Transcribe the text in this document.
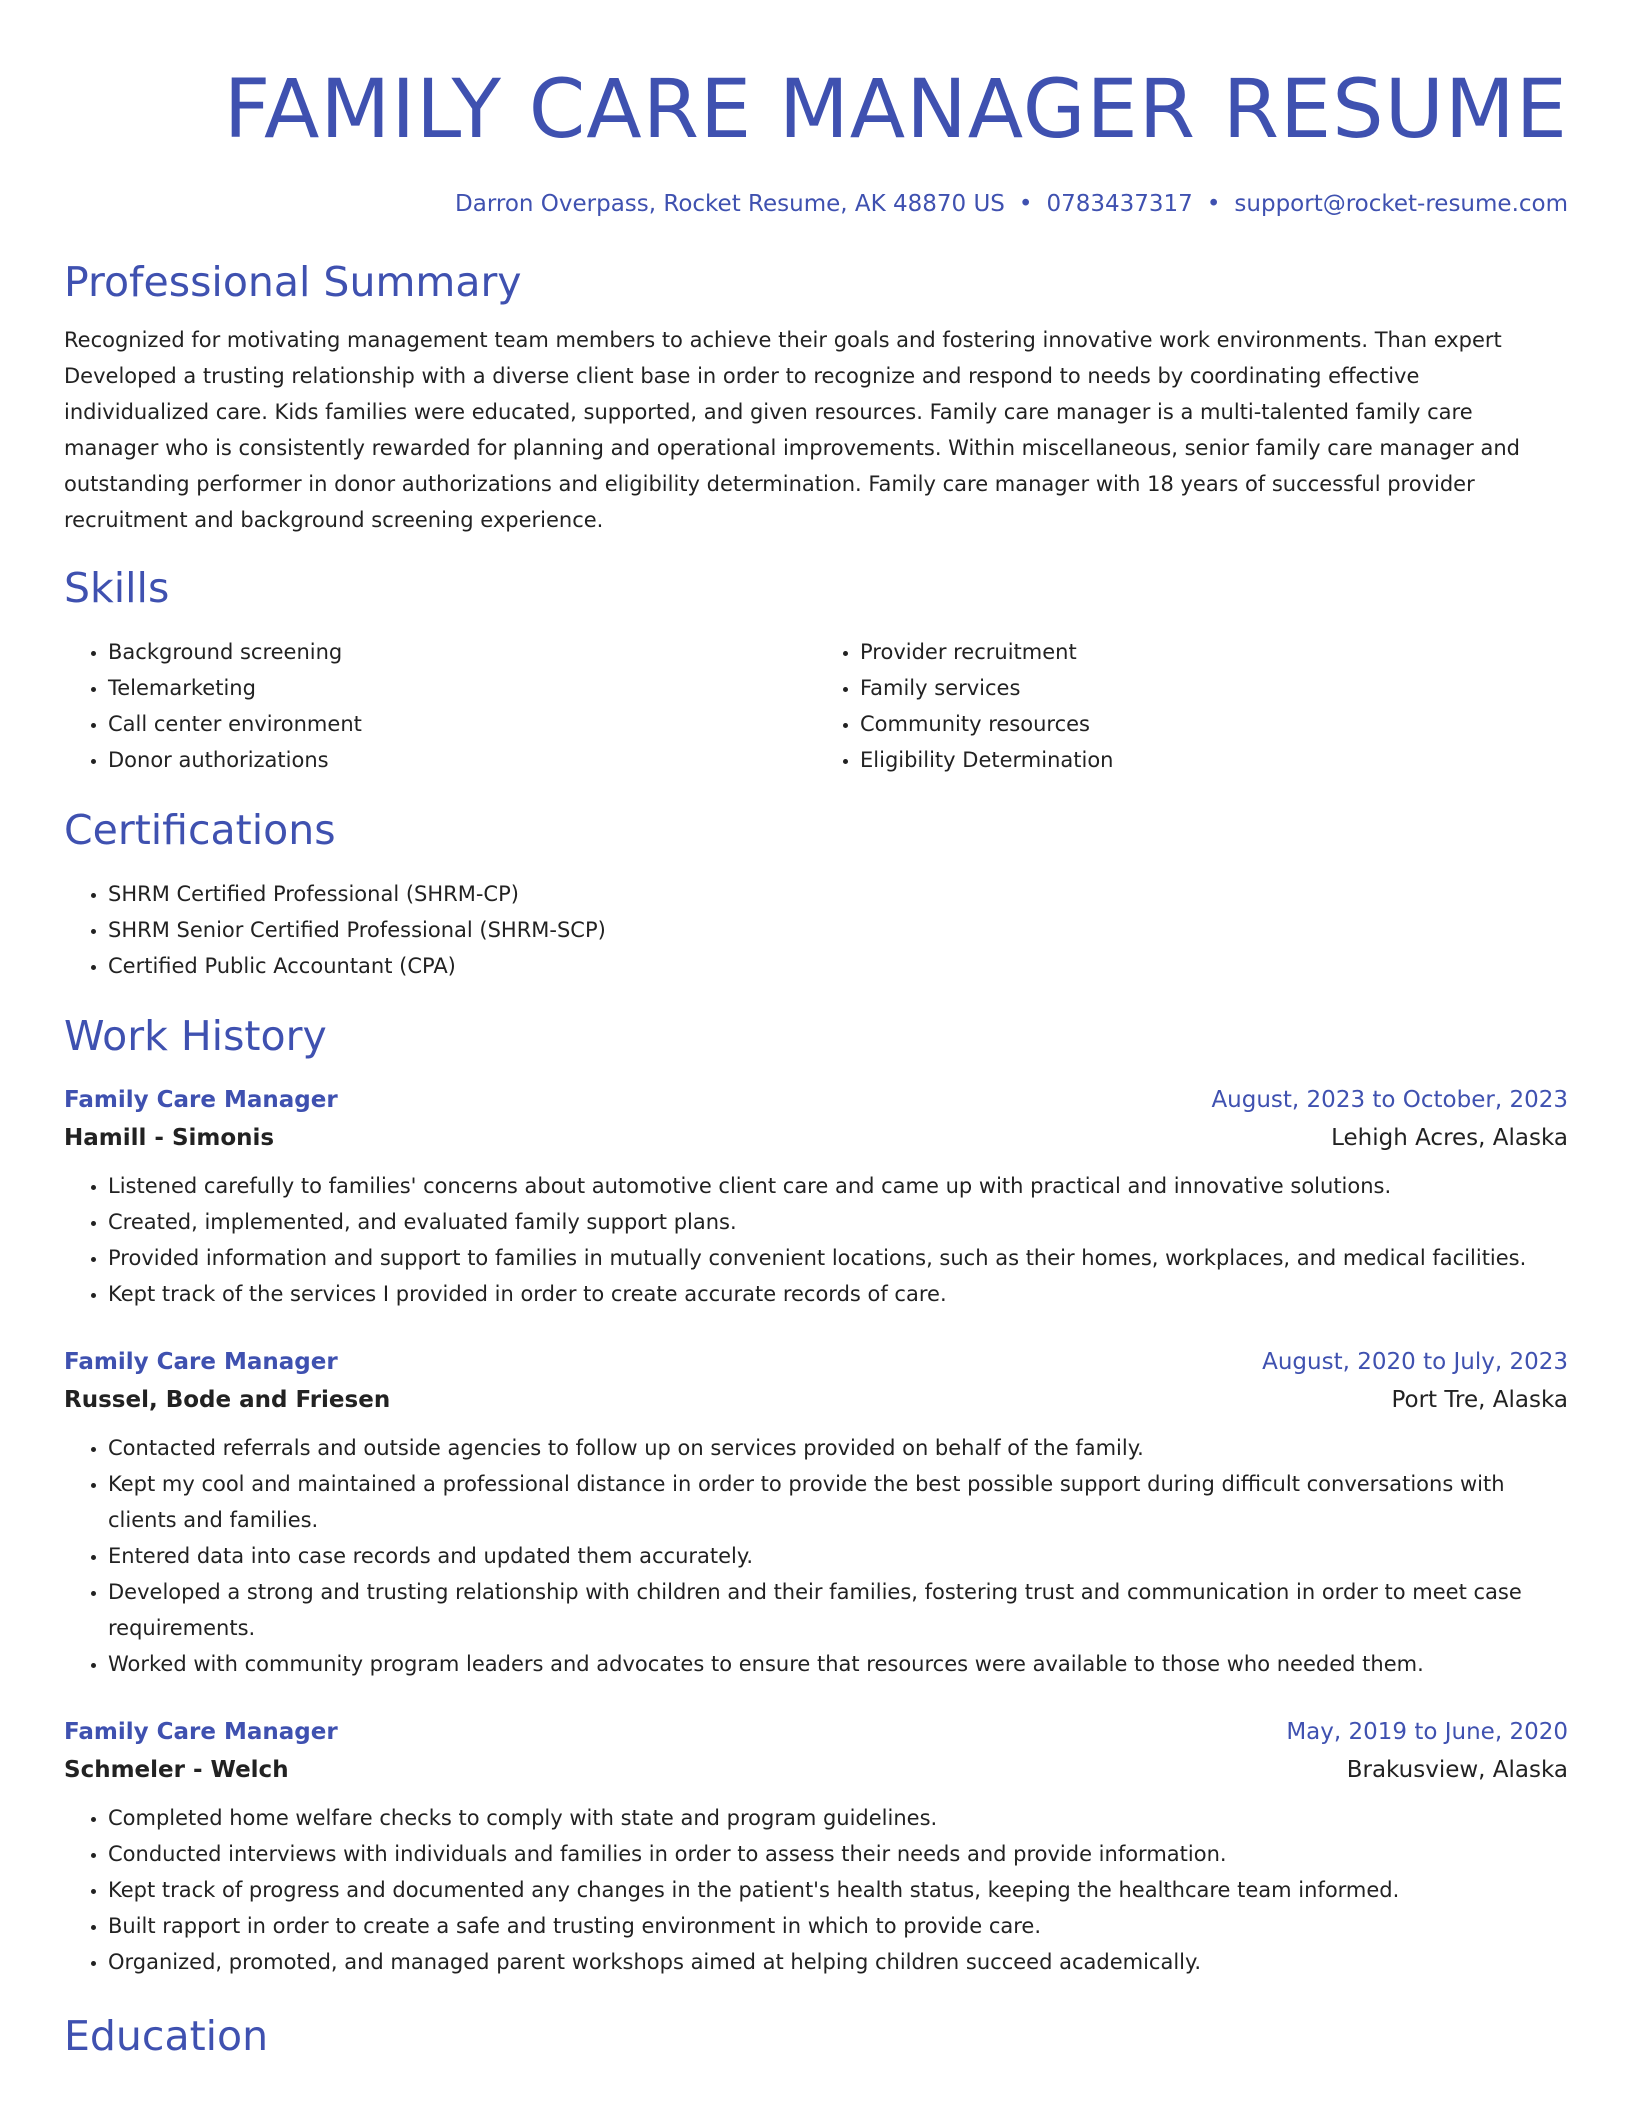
FAMILY CARE MANAGER RESUME
Darron Overpass, Rocket Resume, AK 48870 US • 0783437317 • support@rocket-resume.com
Professional Summary
Recognized for motivating management team members to achieve their goals and fostering innovative work environments. Than expert Developed a trusting relationship with a diverse client base in order to recognize and respond to needs by coordinating effective individualized care. Kids families were educated, supported, and given resources. Family care manager is a multi-talented family care manager who is consistently rewarded for planning and operational improvements. Within miscellaneous, senior family care manager and outstanding performer in donor authorizations and eligibility determination. Family care manager with 18 years of successful provider recruitment and background screening experience.
Skills
• Background screening
• Telemarketing
• Call center environment
• Donor authorizations
• Provider recruitment
• Family services
• Community resources
• Eligibility Determination
Certifications
• SHRM Certified Professional (SHRM-CP)
• SHRM Senior Certified Professional (SHRM-SCP)
• Certified Public Accountant (CPA)
Work History
Family Care Manager	August, 2023 to October, 2023
Hamill - Simonis	Lehigh Acres, Alaska
• Listened carefully to families' concerns about automotive client care and came up with practical and innovative solutions.
• Created, implemented, and evaluated family support plans.
• Provided information and support to families in mutually convenient locations, such as their homes, workplaces, and medical facilities.
• Kept track of the services I provided in order to create accurate records of care.
Family Care Manager	August, 2020 to July, 2023
Russel, Bode and Friesen	Port Tre, Alaska
• Contacted referrals and outside agencies to follow up on services provided on behalf of the family.
• Kept my cool and maintained a professional distance in order to provide the best possible support during difficult conversations with clients and families.
• Entered data into case records and updated them accurately.
• Developed a strong and trusting relationship with children and their families, fostering trust and communication in order to meet case requirements.
• Worked with community program leaders and advocates to ensure that resources were available to those who needed them.
Family Care Manager	May, 2019 to June, 2020
Schmeler - Welch	Brakusview, Alaska
• Completed home welfare checks to comply with state and program guidelines.
• Conducted interviews with individuals and families in order to assess their needs and provide information.
• Kept track of progress and documented any changes in the patient's health status, keeping the healthcare team informed.
• Built rapport in order to create a safe and trusting environment in which to provide care.
• Organized, promoted, and managed parent workshops aimed at helping children succeed academically.
Education
